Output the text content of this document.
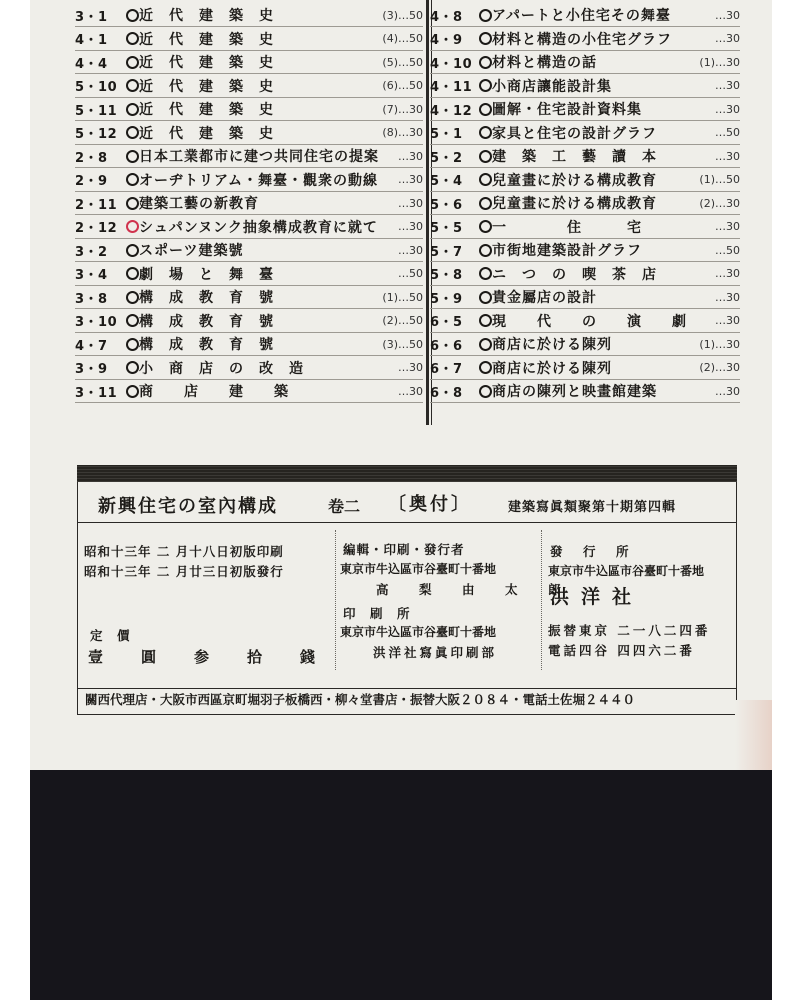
3・1	近　代　建　築　史	(3)…50
4・1	近　代　建　築　史	(4)…50
4・4	近　代　建　築　史	(5)…50
5・10	近　代　建　築　史	(6)…50
5・11	近　代　建　築　史	(7)…30
5・12	近　代　建　築　史	(8)…30
2・8	日本工業都市に建つ共同住宅の提案	…30
2・9	オーヂトリアム・舞臺・觀衆の動線	…30
2・11	建築工藝の新教育	…30
2・12	シュパンヌンク抽象構成教育に就て	…30
3・2	スポーツ建築號	…30
3・4	劇　場　と　舞　臺	…50
3・8	構　成　教　育　號	(1)…50
3・10	構　成　教　育　號	(2)…50
4・7	構　成　教　育　號	(3)…50
3・9	小　商　店　の　改　造	…30
3・11	商　　店　　建　　築	…30
4・8	アパートと小住宅その舞臺	…30
4・9	材料と構造の小住宅グラフ	…30
4・10	材料と構造の話	(1)…30
4・11	小商店讓能設計集	…30
4・12	圖解・住宅設計資料集	…30
5・1	家具と住宅の設計グラフ	…50
5・2	建　築　工　藝　讀　本	…30
5・4	兒童畫に於ける構成教育	(1)…50
5・6	兒童畫に於ける構成教育	(2)…30
5・5	一　　　　住　　　宅	…30
5・7	市街地建築設計グラフ	…50
5・8	ニ　つ　の　喫　茶　店	…30
5・9	貴金屬店の設計	…30
6・5	現　　代　　の　　演　　劇	…30
6・6	商店に於ける陳列	(1)…30
6・7	商店に於ける陳列	(2)…30
6・8	商店の陳列と映畫館建築	…30
新興住宅の室內構成	卷二 〔奥付〕	建築寫眞類聚第十期第四輯
昭和十三年 二 月十八日初版印刷
昭和十三年 二 月廿三日初版發行
定　價
壹圓参拾錢
編輯・印刷・發行者
東京市牛込區市谷臺町十番地
高　梨　由　太　郎
印　刷　所
東京市牛込區市谷臺町十番地
洪洋社寫眞印刷部
發　行　所
東京市牛込區市谷臺町十番地
洪洋社
振替東京 二一八二四番
電話四谷 四四六二番
關西代理店・大阪市西區京町堀羽子板橋西・柳々堂書店・振替大阪２０８４・電話土佐堀２４４０
